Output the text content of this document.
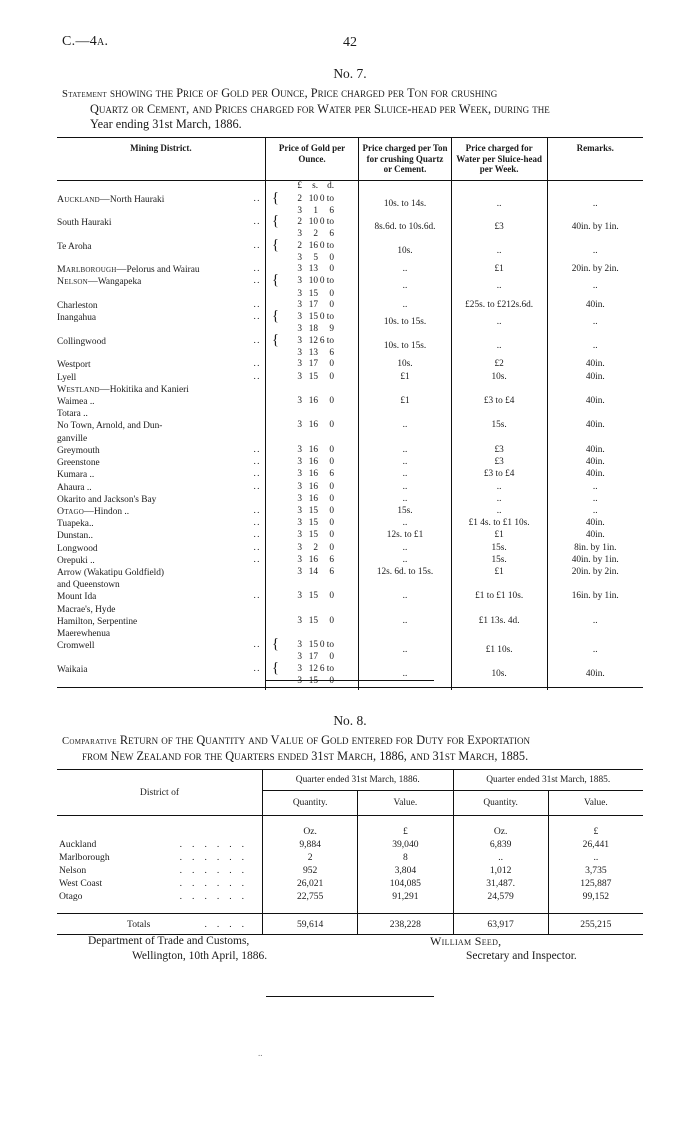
C.—4a.	42
No. 7.
Statement showing the Price of Gold per Ounce, Price charged per Ton for crushing
Quartz or Cement, and Prices charged for Water per Sluice-head per Week, during the
Year ending 31st March, 1886.
Mining District.	Price of Gold per Ounce.	Price charged per Ton for crushing Quartz or Cement.	Price charged for Water per Sluice-head per Week.	Remarks.
	£ s. d.			
Auckland—North Hauraki ..	{ 2 10 0 to	10s. to 14s.	..	..
	3 1 6			
South Hauraki ..	{ 2 10 0 to	8s.6d. to 10s.6d.	£3	40in. by 1in.
	3 2 6			
Te Aroha ..	{ 2 16 0 to	10s.	..	..
	3 5 0			
Marlborough—Pelorus and Wairau ..	3 13 0	..	£1	20in. by 2in.
Nelson—Wangapeka ..	{ 3 10 0 to	..	..	..
	3 15 0			
Charleston ..	3 17 0	..	£25s. to £212s.6d.	40in.
Inangahua ..	{ 3 15 0 to	10s. to 15s.	..	..
	3 18 9			
Collingwood ..	{ 3 12 6 to	10s. to 15s.	..	..
	3 13 6			
Westport ..	3 17 0	10s.	£2	40in.
Lyell ..	3 15 0	£1	10s.	40in.
Westland—Hokitika and Kanieri				
Waimea ..	3 16 0	£1	£3 to £4	40in.
Totara ..				
No Town, Arnold, and Dun-	3 16 0	..	15s.	40in.
ganville				
Greymouth ..	3 16 0	..	£3	40in.
Greenstone ..	3 16 0	..	£3	40in.
Kumara .. ..	3 16 6	..	£3 to £4	40in.
Ahaura .. ..	3 16 0	..	..	..
Okarito and Jackson's Bay	3 16 0	..	..	..
Otago—Hindon .. ..	3 15 0	15s.	..	..
Tuapeka.. ..	3 15 0	..	£1 4s. to £1 10s.	40in.
Dunstan.. ..	3 15 0	12s. to £1	£1	40in.
Longwood ..	3 2 0	..	15s.	8in. by 1in.
Orepuki .. ..	3 16 6	..	15s.	40in. by 1in.
Arrow (Wakatipu Goldfield)	3 14 6	12s. 6d. to 15s.	£1	20in. by 2in.
and Queenstown				
Mount Ida ..	3 15 0	..	£1 to £1 10s.	16in. by 1in.
Macrae's, Hyde				
Hamilton, Serpentine	3 15 0	..	£1 13s. 4d.	..
Maerewhenua				
Cromwell ..	{ 3 15 0 to	..	£1 10s.	..
	3 17 0			
Waikaia ..	{ 3 12 6 to	..	10s.	40in.
	3 15 0			

No. 8.
Comparative Return of the Quantity and Value of Gold entered for Duty for Exportation
from New Zealand for the Quarters ended 31st March, 1886, and 31st March, 1885.
District of	Quarter ended 31st March, 1886.		Quarter ended 31st March, 1885.	
	Quantity.	Value.	Quantity.	Value.

	Oz.	£	Oz.	£
Auckland ......	9,884	39,040	6,839	26,441
Marlborough ......	2	8	..	..
Nelson ......	952	3,804	1,012	3,735
West Coast ......	26,021	104,085	31,487.	125,887
Otago ......	22,755	91,291	24,579	99,152

Totals ....	59,614	238,228	63,917	255,215
Department of Trade and Customs,
Wellington, 10th April, 1886.
William Seed,
Secretary and Inspector.
..
